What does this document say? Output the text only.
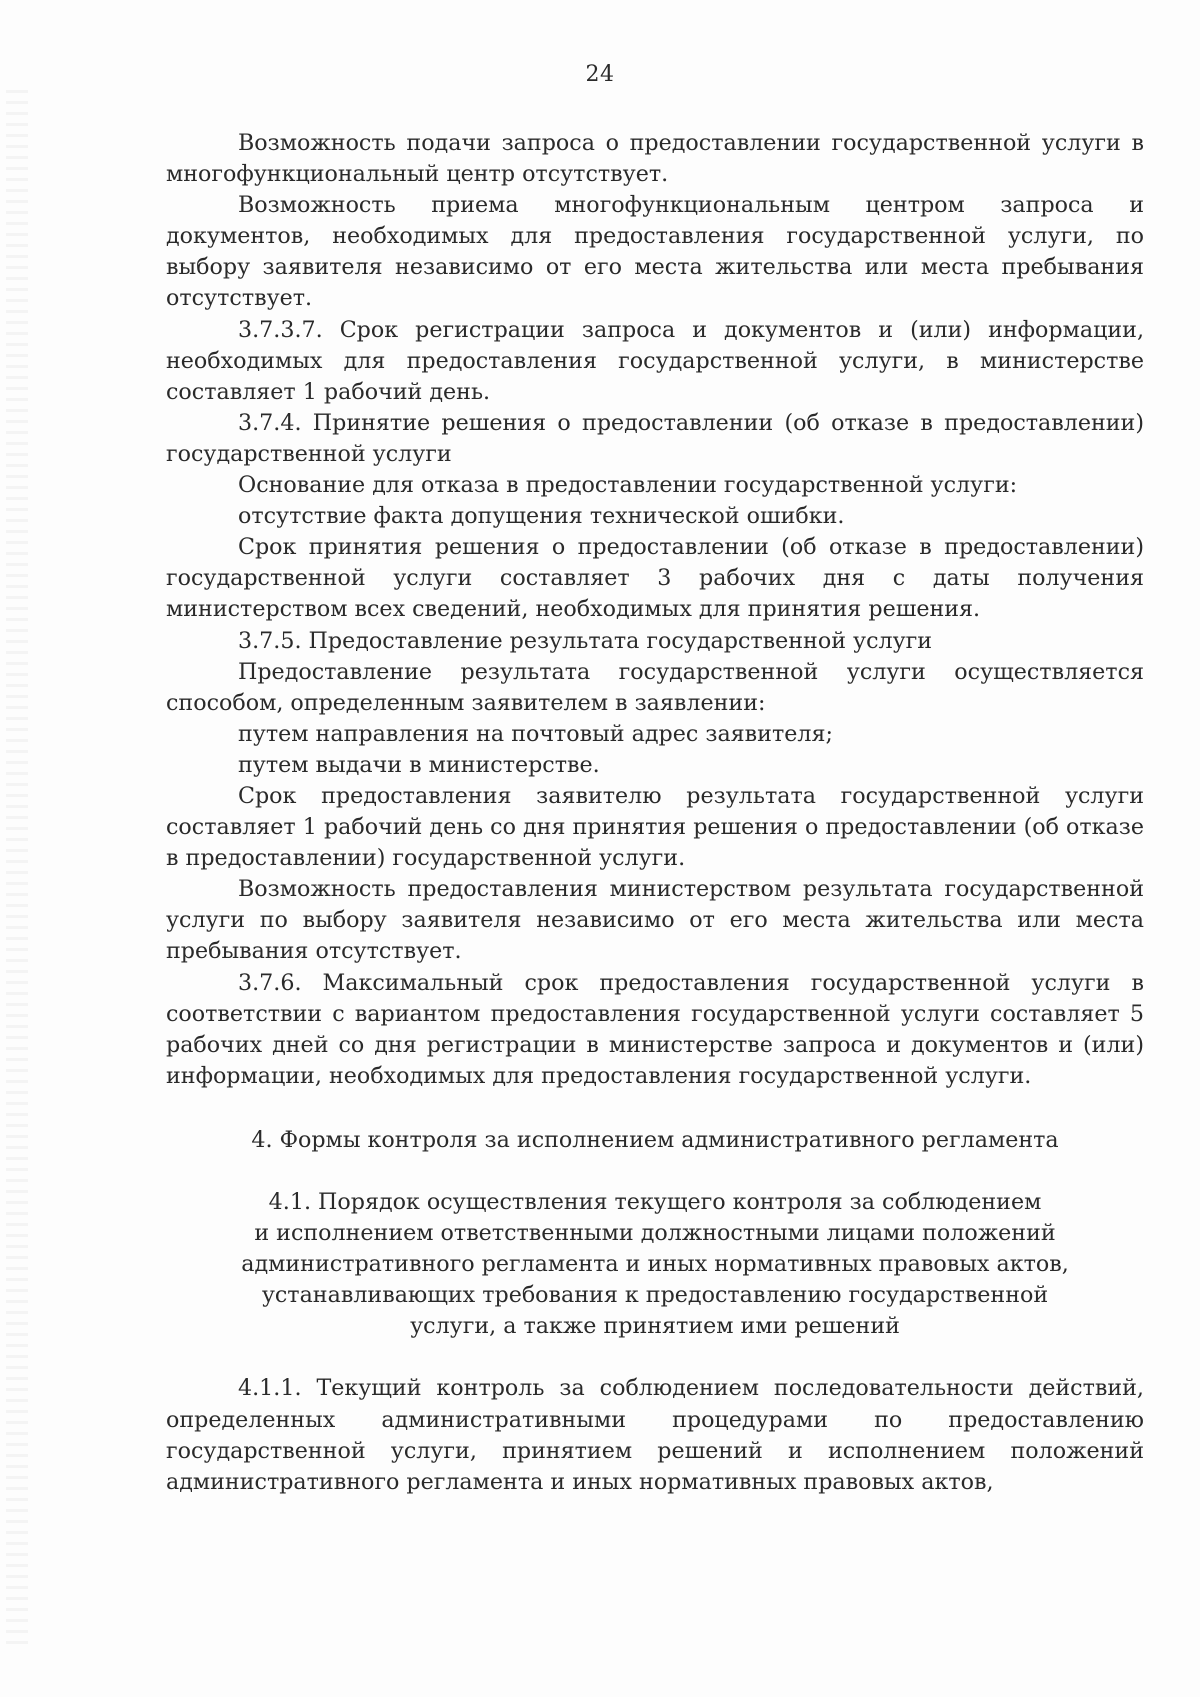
24

Возможность подачи запроса о предоставлении государственной услуги в многофункциональный центр отсутствует.

Возможность приема многофункциональным центром запроса и документов, необходимых для предоставления государственной услуги, по выбору заявителя независимо от его места жительства или места пребывания отсутствует.

3.7.3.7. Срок регистрации запроса и документов и (или) информации, необходимых для предоставления государственной услуги, в министерстве составляет 1 рабочий день.

3.7.4. Принятие решения о предоставлении (об отказе в предоставлении) государственной услуги

Основание для отказа в предоставлении государственной услуги:

отсутствие факта допущения технической ошибки.

Срок принятия решения о предоставлении (об отказе в предоставлении) государственной услуги составляет 3 рабочих дня с даты получения министерством всех сведений, необходимых для принятия решения.

3.7.5. Предоставление результата государственной услуги

Предоставление результата государственной услуги осуществляется способом, определенным заявителем в заявлении:

путем направления на почтовый адрес заявителя;

путем выдачи в министерстве.

Срок предоставления заявителю результата государственной услуги составляет 1 рабочий день со дня принятия решения о предоставлении (об отказе в предоставлении) государственной услуги.

Возможность предоставления министерством результата государственной услуги по выбору заявителя независимо от его места жительства или места пребывания отсутствует.

3.7.6. Максимальный срок предоставления государственной услуги в соответствии с вариантом предоставления государственной услуги составляет 5 рабочих дней со дня регистрации в министерстве запроса и документов и (или) информации, необходимых для предоставления государственной услуги.

4. Формы контроля за исполнением административного регламента

4.1. Порядок осуществления текущего контроля за соблюдением
и исполнением ответственными должностными лицами положений
административного регламента и иных нормативных правовых актов,
устанавливающих требования к предоставлению государственной
услуги, а также принятием ими решений

4.1.1. Текущий контроль за соблюдением последовательности действий, определенных административными процедурами по предоставлению государственной услуги, принятием решений и исполнением положений административного регламента и иных нормативных правовых актов,
